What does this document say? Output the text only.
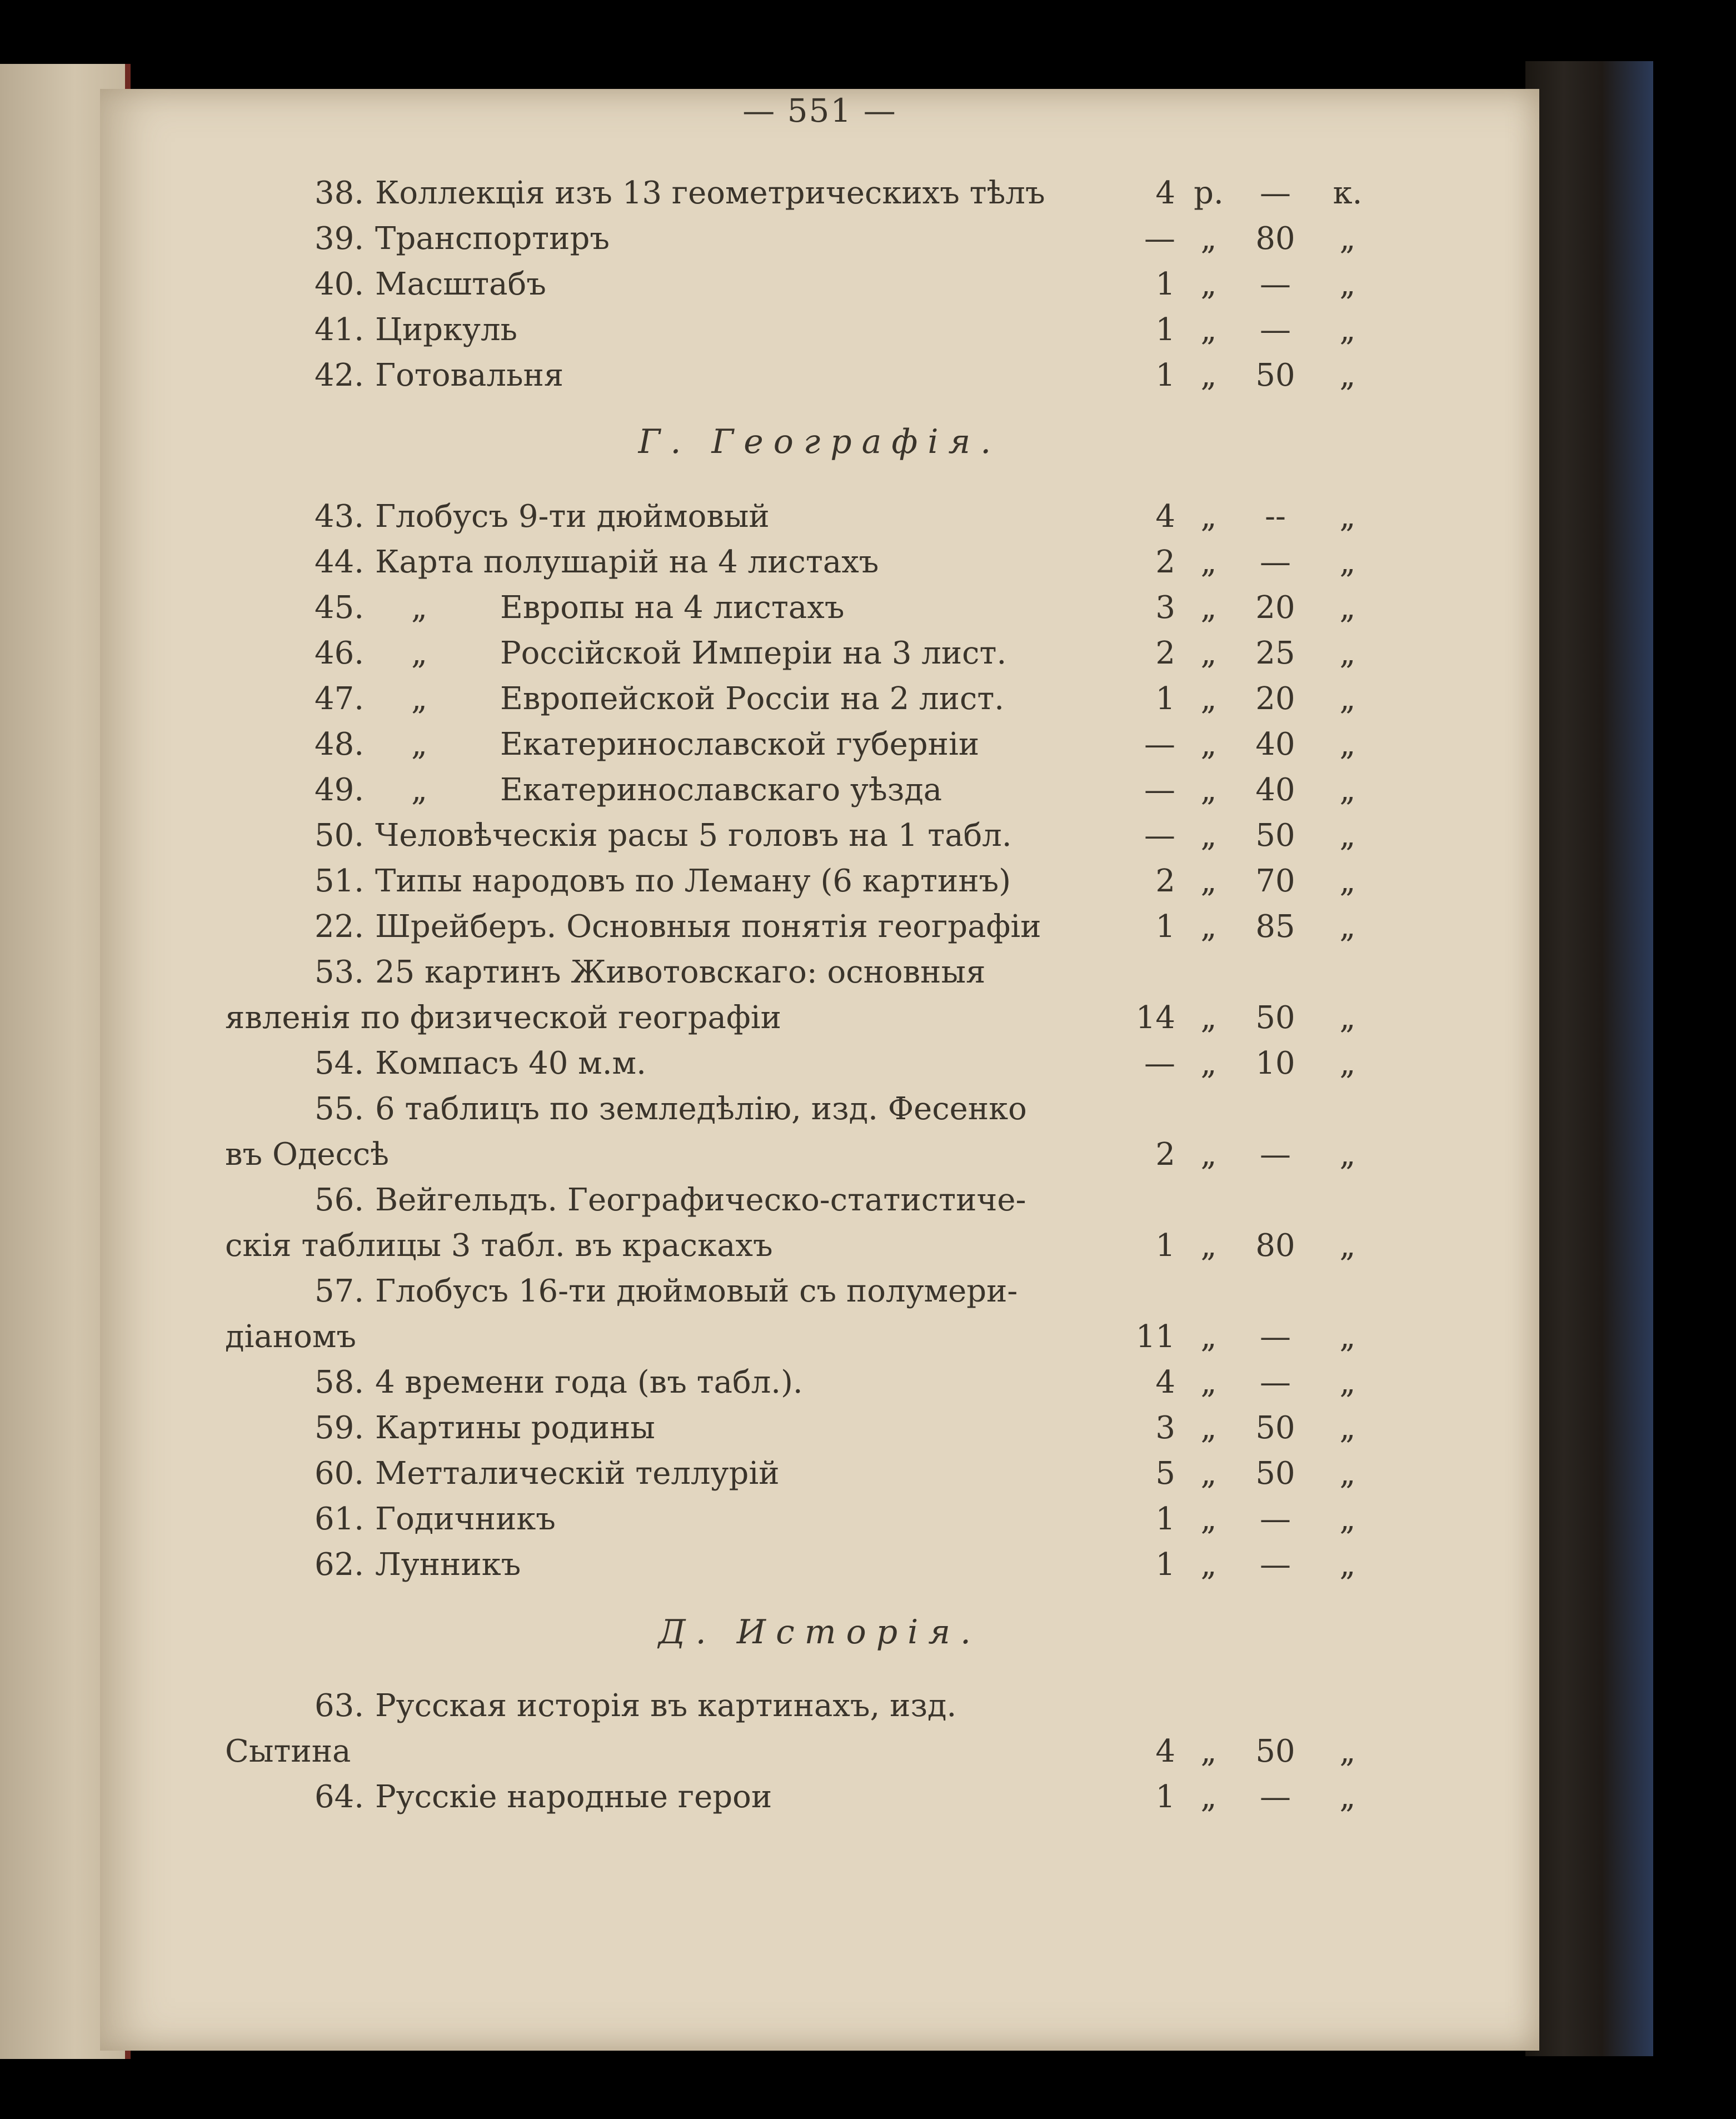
— 551 —
38. Коллекція изъ 13 геометрическихъ тѣлъ	4 р.	—	к.
39. Транспортиръ	— „	80	„
40. Масштабъ	1 „	—	„
41. Циркуль	1 „	—	„
42. Готовальня	1 „	50	„
Г. Географія.
43. Глобусъ 9-ти дюймовый	4 „	--	„
44. Карта полушарій на 4 листахъ	2 „	—	„
45. „ Европы на 4 листахъ	3 „	20	„
46. „ Россійской Имперіи на 3 лист.	2 „	25	„
47. „ Европейской Россіи на 2 лист.	1 „	20	„
48. „ Екатеринославской губерніи	— „	40	„
49. „ Екатеринославскаго уѣзда	— „	40	„
50. Человѣческія расы 5 головъ на 1 табл.	— „	50	„
51. Типы народовъ по Леману (6 картинъ)	2 „	70	„
22. Шрейберъ. Основныя понятія географіи	1 „	85	„
53. 25 картинъ Животовскаго: основныя
явленія по физической географіи	14 „	50	„
54. Компасъ 40 м.м.	— „	10	„
55. 6 таблицъ по земледѣлію, изд. Фесенко
въ Одессѣ	2 „	—	„
56. Вейгельдъ. Географическо-статистиче-
скія таблицы 3 табл. въ краскахъ	1 „	80	„
57. Глобусъ 16-ти дюймовый съ полумери-
діаномъ	11 „	—	„
58. 4 времени года (въ табл.).	4 „	—	„
59. Картины родины	3 „	50	„
60. Метталическій теллурій	5 „	50	„
61. Годичникъ	1 „	—	„
62. Лунникъ	1 „	—	„
Д. Исторія.
63. Русская исторія въ картинахъ, изд.
Сытина	4 „	50	„
64. Русскіе народные герои	1 „	—	„
